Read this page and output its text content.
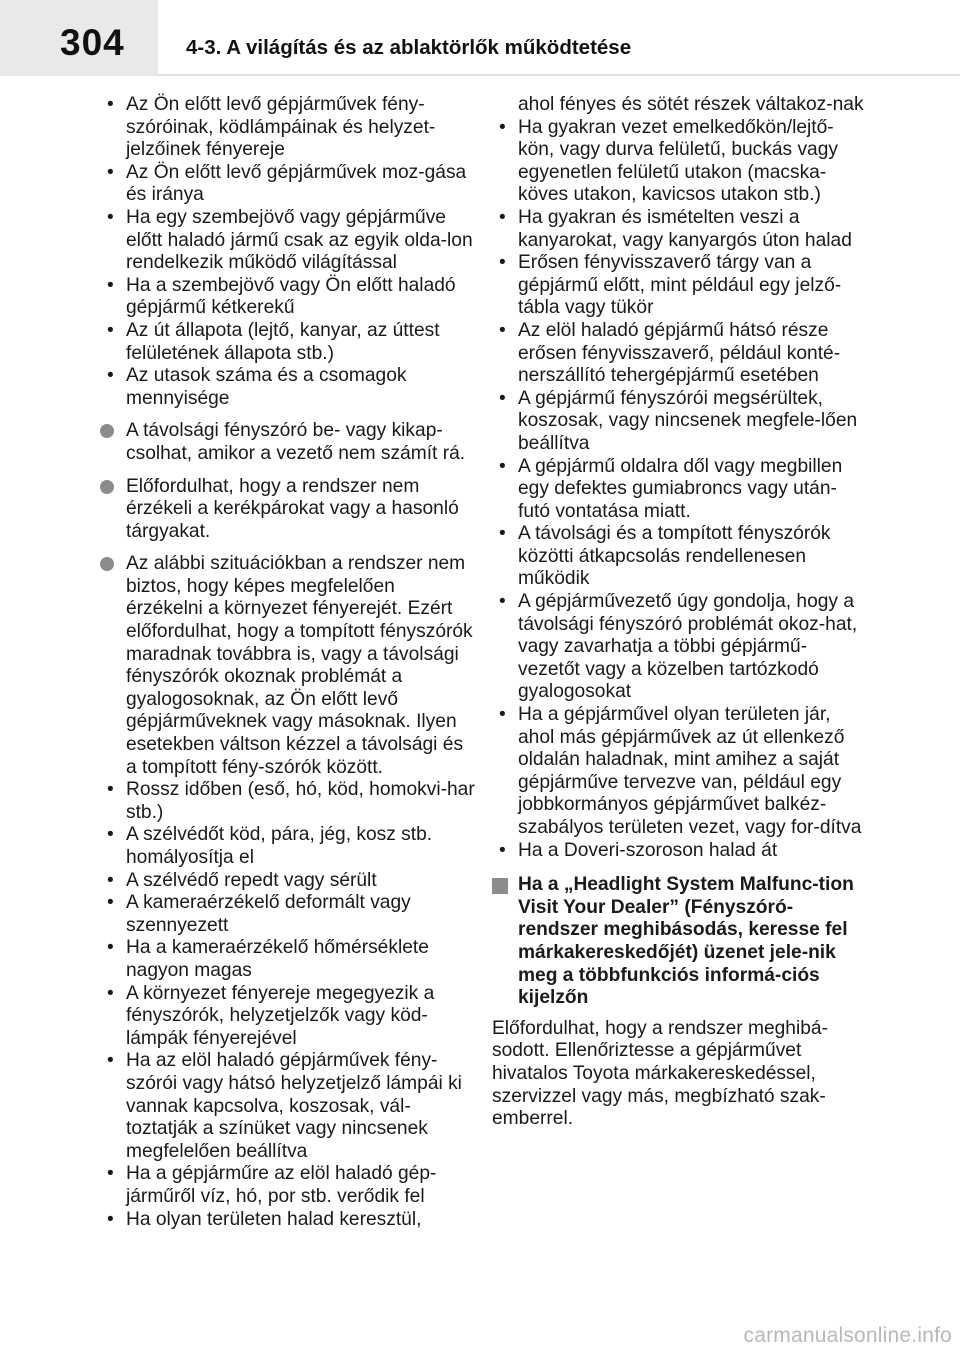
304	4-3. A világítás és az ablaktörlők működtetése
• Az Ön előtt levő gépjárművek fény-szóróinak, ködlámpáinak és helyzet-jelzőinek fényereje
• Az Ön előtt levő gépjárművek moz-gása és iránya
• Ha egy szembejövő vagy gépjárműve előtt haladó jármű csak az egyik olda-lon rendelkezik működő világítással
• Ha a szembejövő vagy Ön előtt haladó gépjármű kétkerekű
• Az út állapota (lejtő, kanyar, az úttest felületének állapota stb.)
• Az utasok száma és a csomagok mennyisége
A távolsági fényszóró be- vagy kikap-csolhat, amikor a vezető nem számít rá.
Előfordulhat, hogy a rendszer nem érzékeli a kerékpárokat vagy a hasonló tárgyakat.
Az alábbi szituációkban a rendszer nem biztos, hogy képes megfelelően érzékelni a környezet fényerejét. Ezért előfordulhat, hogy a tompított fényszórók maradnak továbbra is, vagy a távolsági fényszórók okoznak problémát a gyalogosoknak, az Ön előtt levő gépjárműveknek vagy másoknak. Ilyen esetekben váltson kézzel a távolsági és a tompított fény-szórók között.
• Rossz időben (eső, hó, köd, homokvi-har stb.)
• A szélvédőt köd, pára, jég, kosz stb. homályosítja el
• A szélvédő repedt vagy sérült
• A kameraérzékelő deformált vagy szennyezett
• Ha a kameraérzékelő hőmérséklete nagyon magas
• A környezet fényereje megegyezik a fényszórók, helyzetjelzők vagy köd-lámpák fényerejével
• Ha az elöl haladó gépjárművek fény-szórói vagy hátsó helyzetjelző lámpái ki vannak kapcsolva, koszosak, vál-toztatják a színüket vagy nincsenek megfelelően beállítva
• Ha a gépjárműre az elöl haladó gép-járműről víz, hó, por stb. verődik fel
• Ha olyan területen halad keresztül,
ahol fényes és sötét részek váltakoz-nak
• Ha gyakran vezet emelkedőkön/lejtő-kön, vagy durva felületű, buckás vagy egyenetlen felületű utakon (macska-köves utakon, kavicsos utakon stb.)
• Ha gyakran és ismételten veszi a kanyarokat, vagy kanyargós úton halad
• Erősen fényvisszaverő tárgy van a gépjármű előtt, mint például egy jelző-tábla vagy tükör
• Az elöl haladó gépjármű hátsó része erősen fényvisszaverő, például konté-nerszállító tehergépjármű esetében
• A gépjármű fényszórói megsérültek, koszosak, vagy nincsenek megfele-lően beállítva
• A gépjármű oldalra dől vagy megbillen egy defektes gumiabroncs vagy után-futó vontatása miatt.
• A távolsági és a tompított fényszórók közötti átkapcsolás rendellenesen működik
• A gépjárművezető úgy gondolja, hogy a távolsági fényszóró problémát okoz-hat, vagy zavarhatja a többi gépjármű-vezetőt vagy a közelben tartózkodó gyalogosokat
• Ha a gépjárművel olyan területen jár, ahol más gépjárművek az út ellenkező oldalán haladnak, mint amihez a saját gépjárműve tervezve van, például egy jobbkormányos gépjárművet balkéz-szabályos területen vezet, vagy for-dítva
• Ha a Doveri-szoroson halad át
Ha a „Headlight System Malfunc-tion Visit Your Dealer” (Fényszóró-rendszer meghibásodás, keresse fel márkakereskedőjét) üzenet jele-nik meg a többfunkciós informá-ciós kijelzőn
Előfordulhat, hogy a rendszer meghibá-sodott. Ellenőriztesse a gépjárművet hivatalos Toyota márkakereskedéssel, szervizzel vagy más, megbízható szak-emberrel.
carmanualsonline.info
